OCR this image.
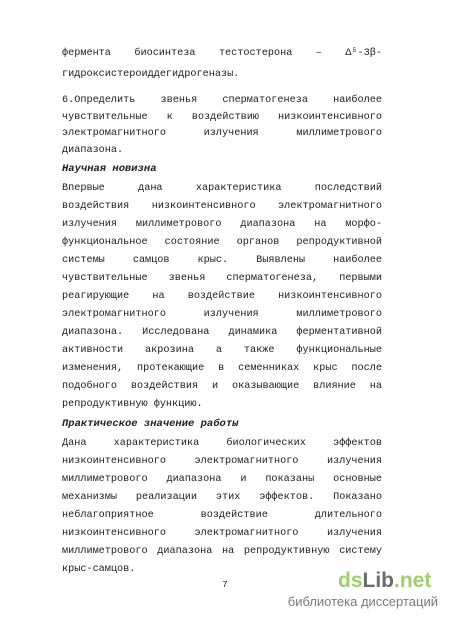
фермента биосинтеза тестостерона – Δ⁵-3β-
гидроксистероиддегидрогеназы.
6.Определить звенья сперматогенеза наиболее
чувствительные к воздействию низкоинтенсивного
электромагнитного излучения миллиметрового
диапазона.
Научная новизна
Впервые дана характеристика последствий
воздействия низкоинтенсивного электромагнитного
излучения миллиметрового диапазона на морфо-
функциональное состояние органов репродуктивной
системы самцов крыс. Выявлены наиболее
чувствительные звенья сперматогенеза, первыми
реагирующие на воздействие низкоинтенсивного
электромагнитного излучения миллиметрового
диапазона. Исследована динамика ферментативной
активности акрозина а также функциональные
изменения, протекающие в семенниках крыс после
подобного воздействия и оказывающие влияние на
репродуктивную функцию.
Практическое значение работы
Дана характеристика биологических эффектов
низкоинтенсивного электромагнитного излучения
миллиметрового диапазона и показаны основные
механизмы реализации этих эффектов. Показано
неблагоприятное воздействие длительного
низкоинтенсивного электромагнитного излучения
миллиметрового диапазона на репродуктивную систему
крыс-самцов.
7	ds Lib .net
библиотека диссертаций
